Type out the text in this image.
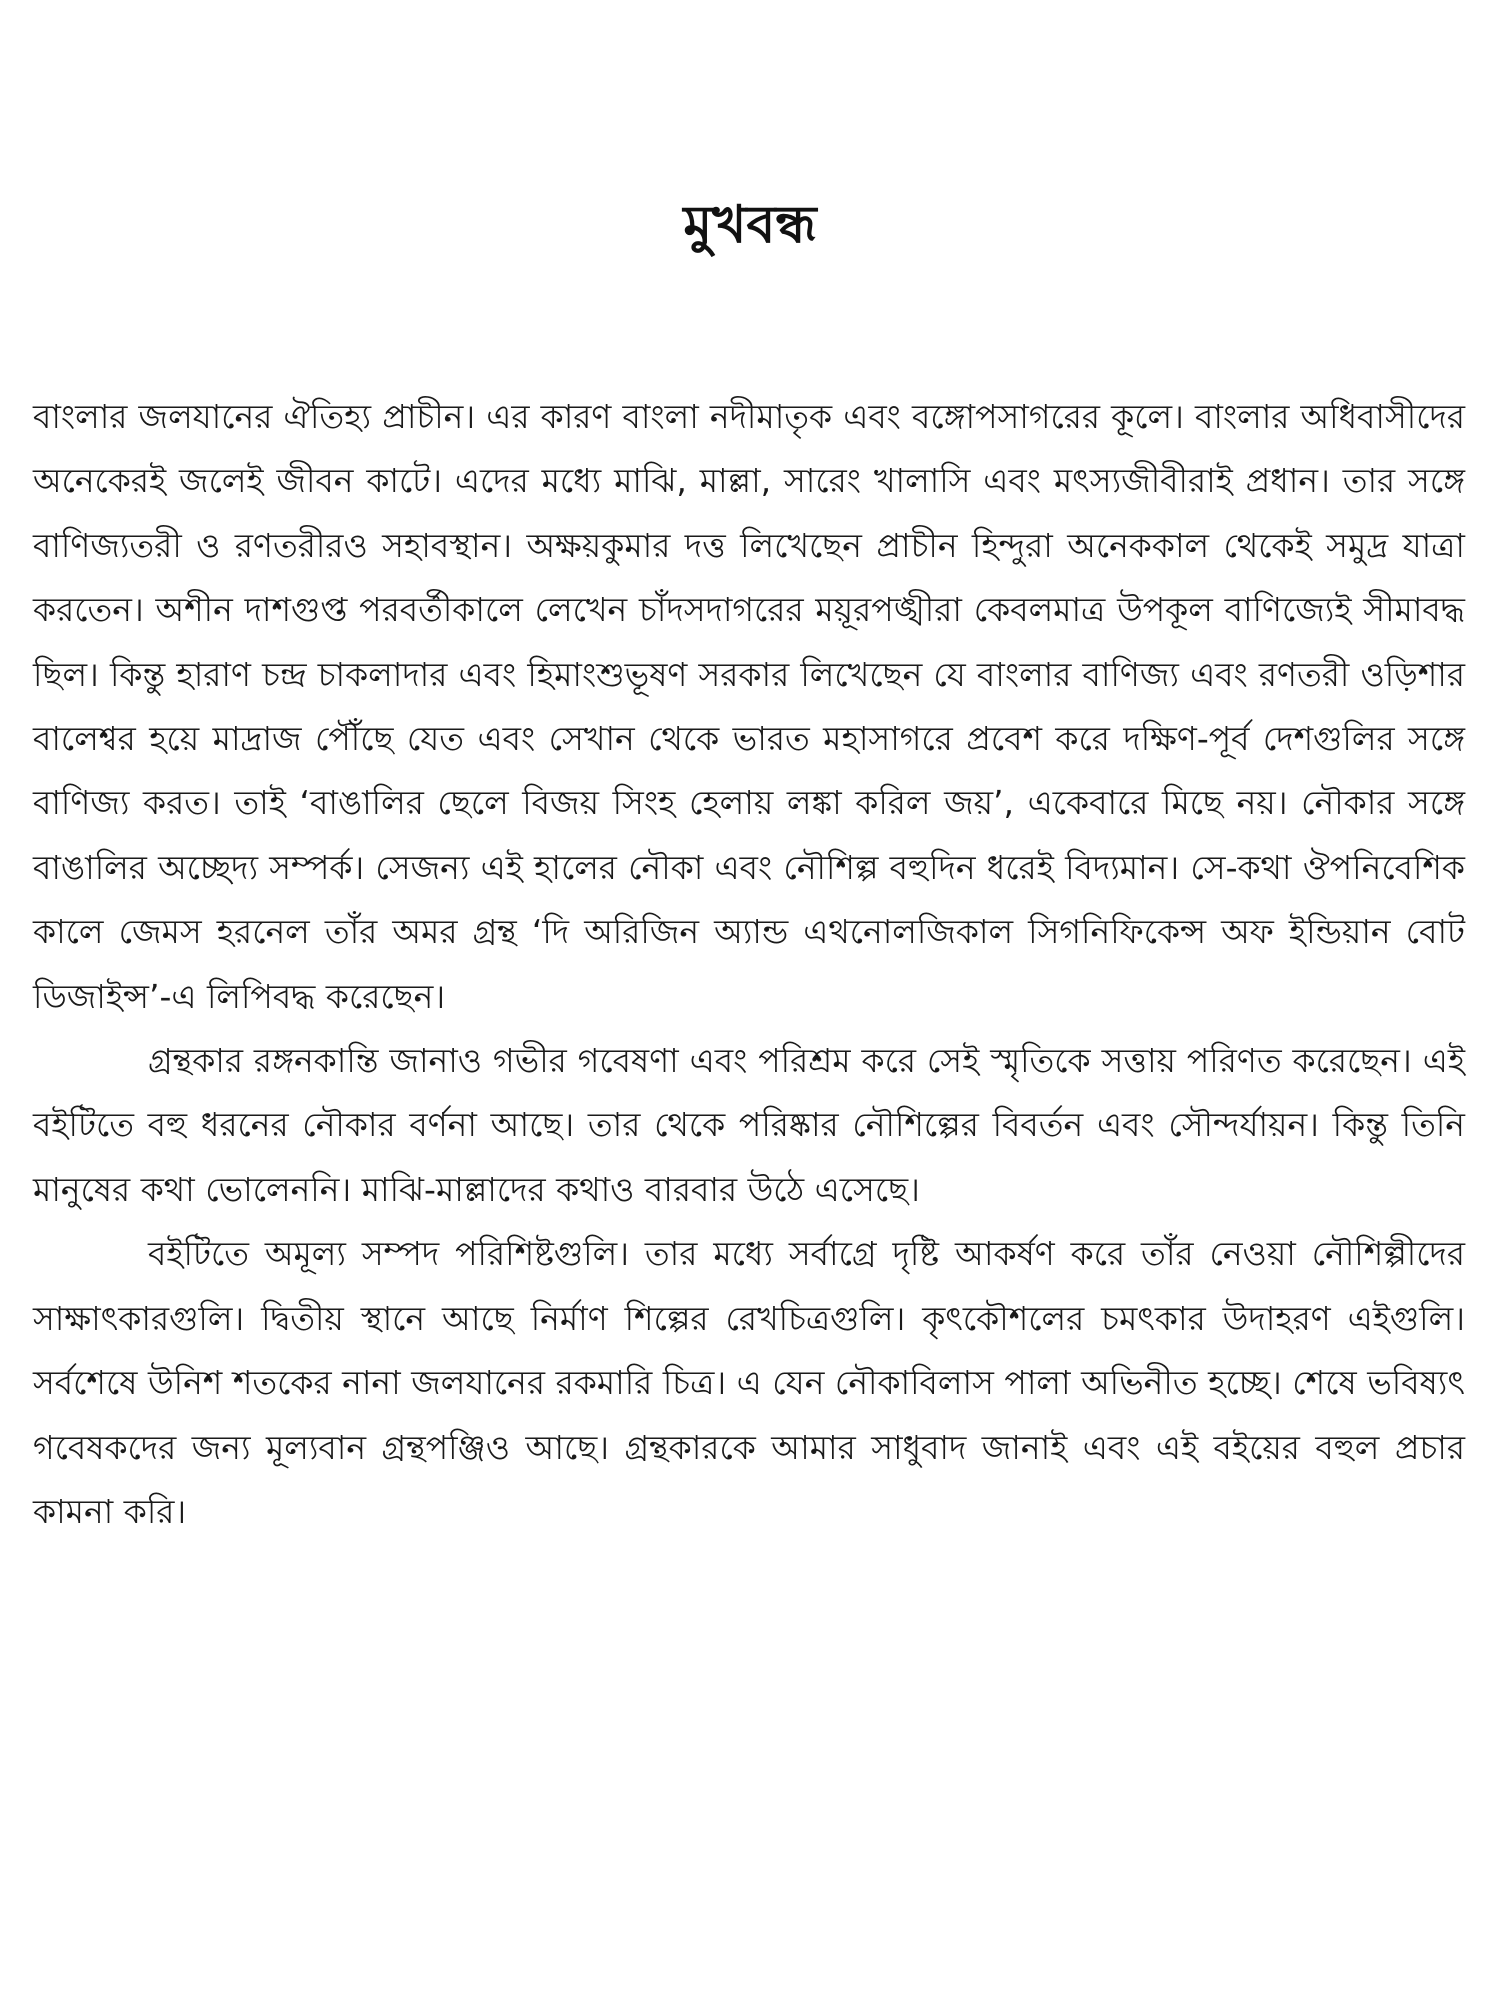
মুখবন্ধ

বাংলার জলযানের ঐতিহ্য প্রাচীন। এর কারণ বাংলা নদীমাতৃক এবং বঙ্গোপসাগরের কূলে। বাংলার অধিবাসীদের অনেকেরই জলেই জীবন কাটে। এদের মধ্যে মাঝি, মাল্লা, সারেং খালাসি এবং মৎস্যজীবীরাই প্রধান। তার সঙ্গে বাণিজ্যতরী ও রণতরীরও সহাবস্থান। অক্ষয়কুমার দত্ত লিখেছেন প্রাচীন হিন্দুরা অনেককাল থেকেই সমুদ্র যাত্রা করতেন। অশীন দাশগুপ্ত পরবর্তীকালে লেখেন চাঁদসদাগরের ময়ূরপঙ্খীরা কেবলমাত্র উপকূল বাণিজ্যেই সীমাবদ্ধ ছিল। কিন্তু হারাণ চন্দ্র চাকলাদার এবং হিমাংশুভূষণ সরকার লিখেছেন যে বাংলার বাণিজ্য এবং রণতরী ওড়িশার বালেশ্বর হয়ে মাদ্রাজ পৌঁছে যেত এবং সেখান থেকে ভারত মহাসাগরে প্রবেশ করে দক্ষিণ-পূর্ব দেশগুলির সঙ্গে বাণিজ্য করত। তাই ‘বাঙালির ছেলে বিজয় সিংহ হেলায় লঙ্কা করিল জয়’, একেবারে মিছে নয়। নৌকার সঙ্গে বাঙালির অচ্ছেদ্য সম্পর্ক। সেজন্য এই হালের নৌকা এবং নৌশিল্প বহুদিন ধরেই বিদ্যমান। সে-কথা ঔপনিবেশিক কালে জেমস হরনেল তাঁর অমর গ্রন্থ ‘দি অরিজিন অ্যান্ড এথনোলজিকাল সিগনিফিকেন্স অফ ইন্ডিয়ান বোট ডিজাইন্স’-এ লিপিবদ্ধ করেছেন।

গ্রন্থকার রঙ্গনকান্তি জানাও গভীর গবেষণা এবং পরিশ্রম করে সেই স্মৃতিকে সত্তায় পরিণত করেছেন। এই বইটিতে বহু ধরনের নৌকার বর্ণনা আছে। তার থেকে পরিষ্কার নৌশিল্পের বিবর্তন এবং সৌন্দর্যায়ন। কিন্তু তিনি মানুষের কথা ভোলেননি। মাঝি-মাল্লাদের কথাও বারবার উঠে এসেছে।

বইটিতে অমূল্য সম্পদ পরিশিষ্টগুলি। তার মধ্যে সর্বাগ্রে দৃষ্টি আকর্ষণ করে তাঁর নেওয়া নৌশিল্পীদের সাক্ষাৎকারগুলি। দ্বিতীয় স্থানে আছে নির্মাণ শিল্পের রেখচিত্রগুলি। কৃৎকৌশলের চমৎকার উদাহরণ এইগুলি। সর্বশেষে উনিশ শতকের নানা জলযানের রকমারি চিত্র। এ যেন নৌকাবিলাস পালা অভিনীত হচ্ছে। শেষে ভবিষ্যৎ গবেষকদের জন্য মূল্যবান গ্রন্থপঞ্জিও আছে। গ্রন্থকারকে আমার সাধুবাদ জানাই এবং এই বইয়ের বহুল প্রচার কামনা করি।
